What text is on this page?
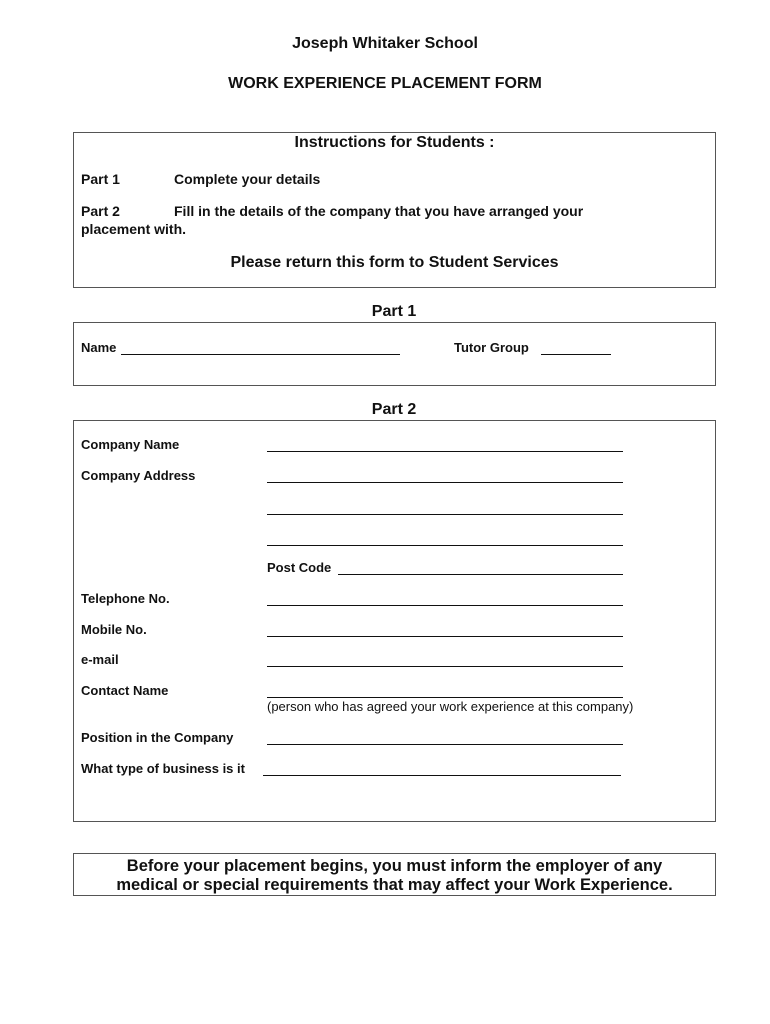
Joseph Whitaker School
WORK EXPERIENCE PLACEMENT FORM
Instructions for Students :
Part 1	Complete your details
Part 2	Fill in the details of the company that you have arranged your
placement with.
Please return this form to Student Services
Part 1
Name	Tutor Group
Part 2
Company Name
Company Address
Post Code
Telephone No.
Mobile No.
e-mail
Contact Name
(person who has agreed your work experience at this company)
Position in the Company
What type of business is it
Before your placement begins, you must inform the employer of any
medical or special requirements that may affect your Work Experience.
